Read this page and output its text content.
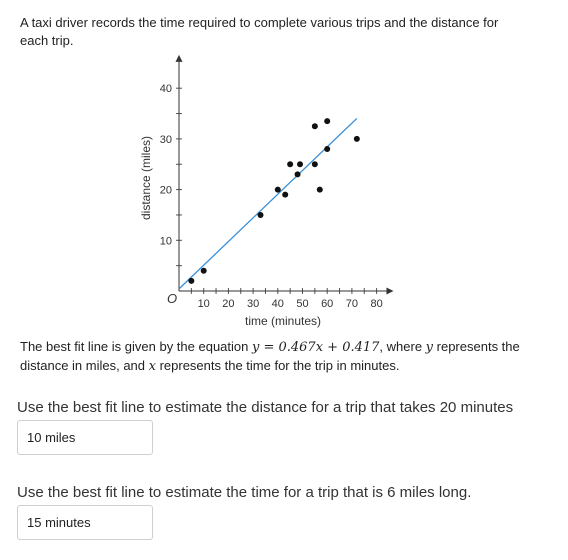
A taxi driver records the time required to complete various trips and the distance for each trip.
10 20 30 40 50 60 70 80
10
20
30
40
O
time (minutes)
distance (miles)
The best fit line is given by the equation y = 0.467x + 0.417, where y represents the distance in miles, and x represents the time for the trip in minutes.
Use the best fit line to estimate the distance for a trip that takes 20 minutes
10 miles
Use the best fit line to estimate the time for a trip that is 6 miles long.
15 minutes
